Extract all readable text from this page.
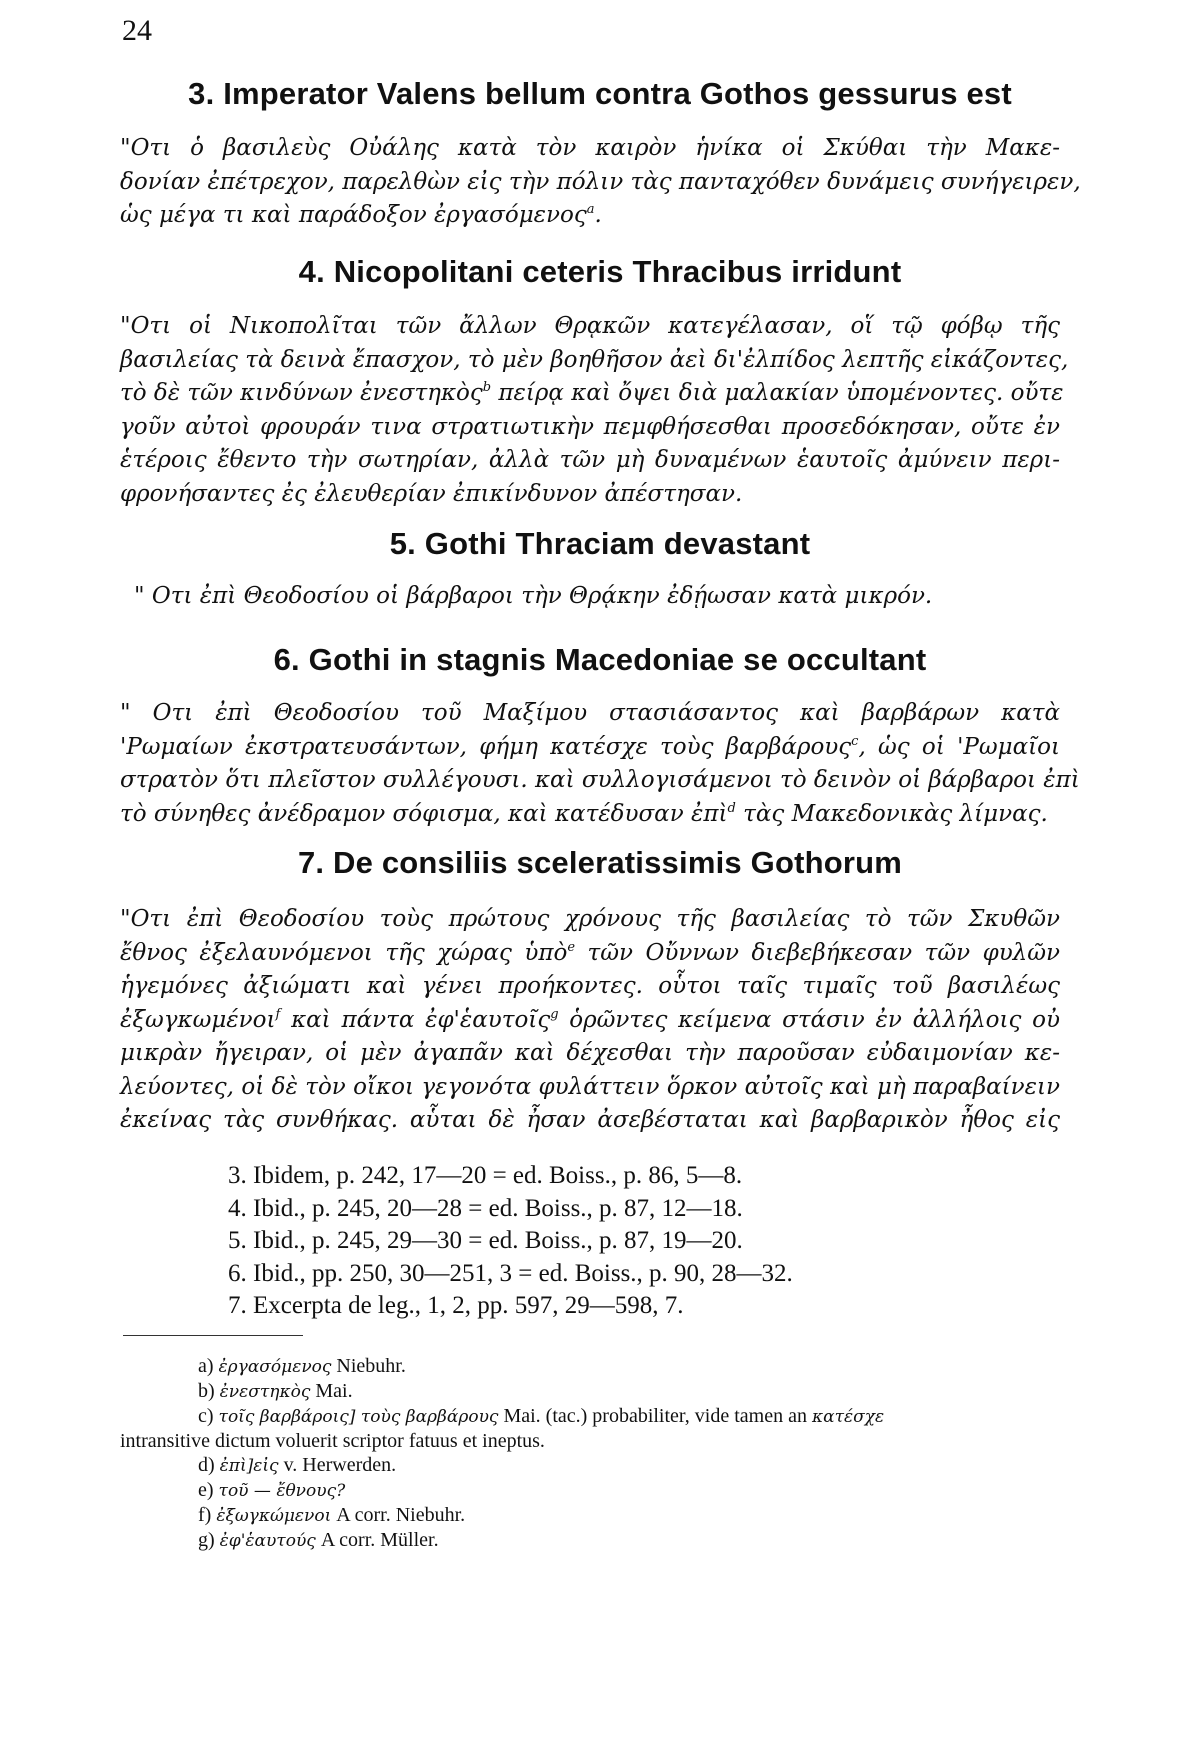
24
3. Imperator Valens bellum contra Gothos gessurus est
"Οτι ὁ βασιλεὺς Οὐάλης κατὰ τὸν καιρὸν ἡνίκα οἱ Σκύθαι τὴν Μακε-
δονίαν ἐπέτρεχον, παρελθὼν εἰς τὴν πόλιν τὰς πανταχόθεν δυνάμεις συνήγειρεν,
ὡς μέγα τι καὶ παράδοξον ἐργασόμενος$^a$.
4. Nicopolitani ceteris Thracibus irridunt
"Οτι οἱ Νικοπολῖται τῶν ἄλλων Θρᾳκῶν κατεγέλασαν, οἵ τῷ φόβῳ τῆς
βασιλείας τὰ δεινὰ ἔπασχον, τὸ μὲν βοηθῆσον ἀεὶ δι'ἐλπίδος λεπτῆς εἰκάζοντες,
τὸ δὲ τῶν κινδύνων ἐνεστηκὸς$^b$ πείρᾳ καὶ ὄψει διὰ μαλακίαν ὑπομένοντες. οὔτε
γοῦν αὐτοὶ φρουράν τινα στρατιωτικὴν πεμφθήσεσθαι προσεδόκησαν, οὔτε ἐν
ἑτέροις ἔθεντο τὴν σωτηρίαν, ἀλλὰ τῶν μὴ δυναμένων ἑαυτοῖς ἀμύνειν περι-
φρονήσαντες ἐς ἐλευθερίαν ἐπικίνδυνον ἀπέστησαν.
5. Gothi Thraciam devastant
" Οτι ἐπὶ Θεοδοσίου οἱ βάρβαροι τὴν Θρᾴκην ἐδῄωσαν κατὰ μικρόν.
6. Gothi in stagnis Macedoniae se occultant
" Οτι ἐπὶ Θεοδοσίου τοῦ Μαξίμου στασιάσαντος καὶ βαρβάρων κατὰ
'Ρωμαίων ἐκστρατευσάντων, φήμη κατέσχε τοὺς βαρβάρους$^c$, ὡς οἱ 'Ρωμαῖοι
στρατὸν ὅτι πλεῖστον συλλέγουσι. καὶ συλλογισάμενοι τὸ δεινὸν οἱ βάρβαροι ἐπὶ
τὸ σύνηθες ἀνέδραμον σόφισμα, καὶ κατέδυσαν ἐπὶ$^d$ τὰς Μακεδονικὰς λίμνας.
7. De consiliis sceleratissimis Gothorum
"Οτι ἐπὶ Θεοδοσίου τοὺς πρώτους χρόνους τῆς βασιλείας τὸ τῶν Σκυθῶν
ἔθνος ἐξελαυνόμενοι τῆς χώρας ὑπὸ$^e$ τῶν Οὔννων διεβεβήκεσαν τῶν φυλῶν
ἡγεμόνες ἀξιώματι καὶ γένει προήκοντες. οὗτοι ταῖς τιμαῖς τοῦ βασιλέως
ἐξωγκωμένοι$^f$ καὶ πάντα ἐφ'ἑαυτοῖς$^g$ ὁρῶντες κείμενα στάσιν ἐν ἀλλήλοις οὐ
μικρὰν ἤγειραν, οἱ μὲν ἀγαπᾶν καὶ δέχεσθαι τὴν παροῦσαν εὐδαιμονίαν κε-
λεύοντες, οἱ δὲ τὸν οἴκοι γεγονότα φυλάττειν ὅρκον αὐτοῖς καὶ μὴ παραβαίνειν
ἐκείνας τὰς συνθήκας. αὗται δὲ ἦσαν ἀσεβέσταται καὶ βαρβαρικὸν ἦθος εἰς
3. Ibidem, p. 242, 17—20 = ed. Boiss., p. 86, 5—8.
4. Ibid., p. 245, 20—28 = ed. Boiss., p. 87, 12—18.
5. Ibid., p. 245, 29—30 = ed. Boiss., p. 87, 19—20.
6. Ibid., pp. 250, 30—251, 3 = ed. Boiss., p. 90, 28—32.
7. Excerpta de leg., 1, 2, pp. 597, 29—598, 7.
a) ἐργασόμενος Niebuhr.
b) ἐνεστηκὸς Mai.
c) τοῖς βαρβάροις] τοὺς βαρβάρους Mai. (tac.) probabiliter, vide tamen an κατέσχε
intransitive dictum voluerit scriptor fatuus et ineptus.
d) ἐπὶ]εἰς v. Herwerden.
e) τοῦ — ἔθνους?
f) ἐξωγκώμενοι A corr. Niebuhr.
g) ἐφ'ἑαυτούς A corr. Müller.
